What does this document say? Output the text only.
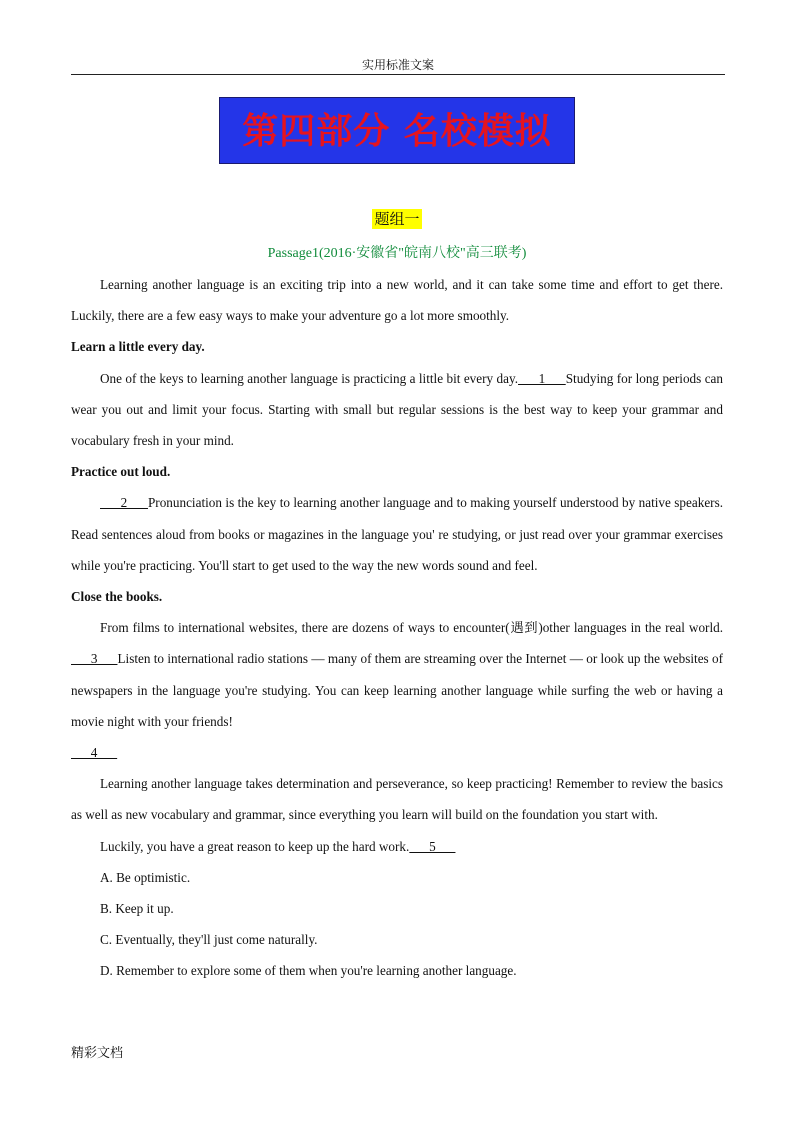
实用标准文案
第四部分 名校模拟
题组一
Passage1(2016·安徽省"皖南八校"高三联考)

Learning another language is an exciting trip into a new world, and it can take some time and effort to get there. Luckily, there are a few easy ways to make your adventure go a lot more smoothly.

Learn a little every day.

One of the keys to learning another language is practicing a little bit every day.      1      Studying for long periods can wear you out and limit your focus. Starting with small but regular sessions is the best way to keep your grammar and vocabulary fresh in your mind.

Practice out loud.

2      Pronunciation is the key to learning another language and to making yourself understood by native speakers. Read sentences aloud from books or magazines in the language you' re studying, or just read over your grammar exercises while you're practicing. You'll start to get used to the way the new words sound and feel.

Close the books.

From films to international websites, there are dozens of ways to encounter(遇到)other languages in the real world.      3      Listen to international radio stations — many of them are streaming over the Internet — or look up the websites of newspapers in the language you're studying. You can keep learning another language while surfing the web or having a movie night with your friends!

4

Learning another language takes determination and perseverance, so keep practicing! Remember to review the basics as well as new vocabulary and grammar, since everything you learn will build on the foundation you start with.

Luckily, you have a great reason to keep up the hard work.      5

A. Be optimistic.

B. Keep it up.

C. Eventually, they'll just come naturally.

D. Remember to explore some of them when you're learning another language.

精彩文档
